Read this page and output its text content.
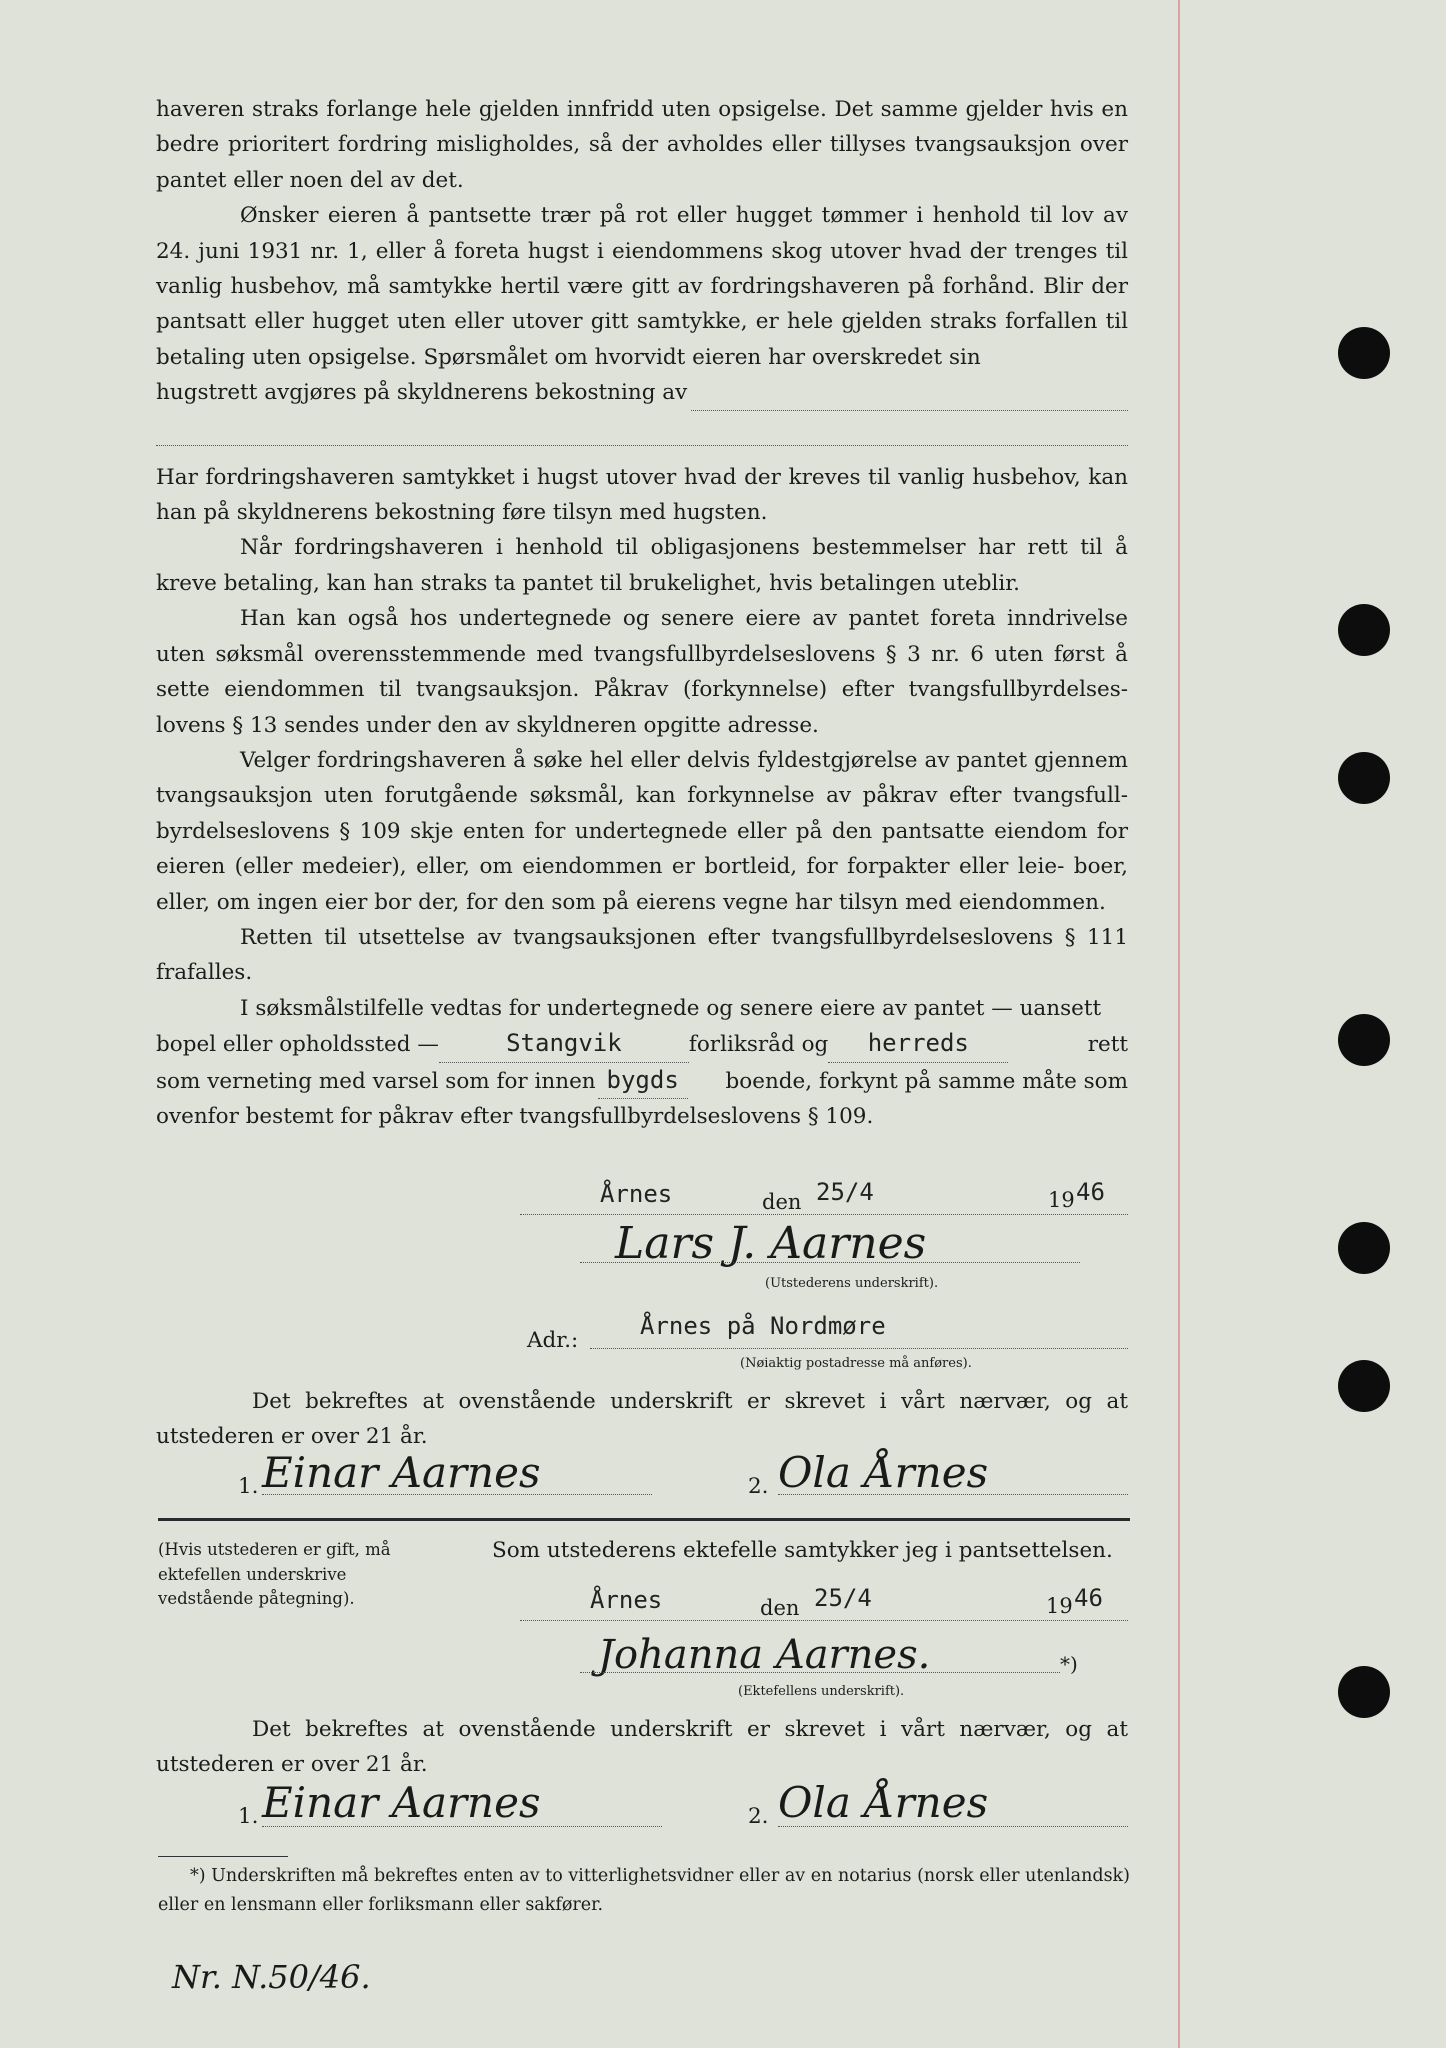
haveren straks forlange hele gjelden innfridd uten opsigelse. Det samme gjelder hvis en bedre prioritert fordring misligholdes, så der avholdes eller tillyses tvangsauksjon over pantet eller noen del av det.

Ønsker eieren å pantsette trær på rot eller hugget tømmer i henhold til lov av 24. juni 1931 nr. 1, eller å foreta hugst i eiendommens skog utover hvad der trenges til vanlig husbehov, må samtykke hertil være gitt av fordringshaveren på forhånd. Blir der pantsatt eller hugget uten eller utover gitt samtykke, er hele gjelden straks forfallen til betaling uten opsigelse. Spørsmålet om hvorvidt eieren har overskredet sin

hugstrett avgjøres på skyldnerens bekostning av

Har fordringshaveren samtykket i hugst utover hvad der kreves til vanlig husbehov, kan han på skyldnerens bekostning føre tilsyn med hugsten.

Når fordringshaveren i henhold til obligasjonens bestemmelser har rett til å kreve betaling, kan han straks ta pantet til brukelighet, hvis betalingen uteblir.

Han kan også hos undertegnede og senere eiere av pantet foreta inndrivelse uten søksmål overensstemmende med tvangsfullbyrdelseslovens § 3 nr. 6 uten først å sette eiendommen til tvangsauksjon. Påkrav (forkynnelse) efter tvangsfullbyrdelses- lovens § 13 sendes under den av skyldneren opgitte adresse.

Velger fordringshaveren å søke hel eller delvis fyldestgjørelse av pantet gjennem tvangsauksjon uten forutgående søksmål, kan forkynnelse av påkrav efter tvangsfull- byrdelseslovens § 109 skje enten for undertegnede eller på den pantsatte eiendom for eieren (eller medeier), eller, om eiendommen er bortleid, for forpakter eller leie- boer, eller, om ingen eier bor der, for den som på eierens vegne har tilsyn med eiendommen.

Retten til utsettelse av tvangsauksjonen efter tvangsfullbyrdelseslovens § 111 frafalles.

I søksmålstilfelle vedtas for undertegnede og senere eiere av pantet — uansett

bopel eller opholdssted —	Stangvik	forliksråd og	herreds	rett
som verneting med varsel som for innen bygds	boende, forkynt på samme måte som
ovenfor bestemt for påkrav efter tvangsfullbyrdelseslovens § 109.
Årnes	den 25/4	19 46
Lars J. Aarnes
(Utstederens underskrift).
Adr.:
Årnes på Nordmøre
(Nøiaktig postadresse må anføres).
Det bekreftes at ovenstående underskrift er skrevet i vårt nærvær, og at utstederen er over 21 år.
1. Einar Aarnes	2. Ola Årnes
(Hvis utstederen er gift, må ektefellen underskrive vedstående påtegning).
Som utstederens ektefelle samtykker jeg i pantsettelsen.
Årnes	den 25/4	19 46
Johanna Aarnes.	*)
(Ektefellens underskrift).
Det bekreftes at ovenstående underskrift er skrevet i vårt nærvær, og at utstederen er over 21 år.
1. Einar Aarnes	2. Ola Årnes
*) Underskriften må bekreftes enten av to vitterlighetsvidner eller av en notarius (norsk eller utenlandsk) eller en lensmann eller forliksmann eller sakfører.
Nr. N.50/46.
